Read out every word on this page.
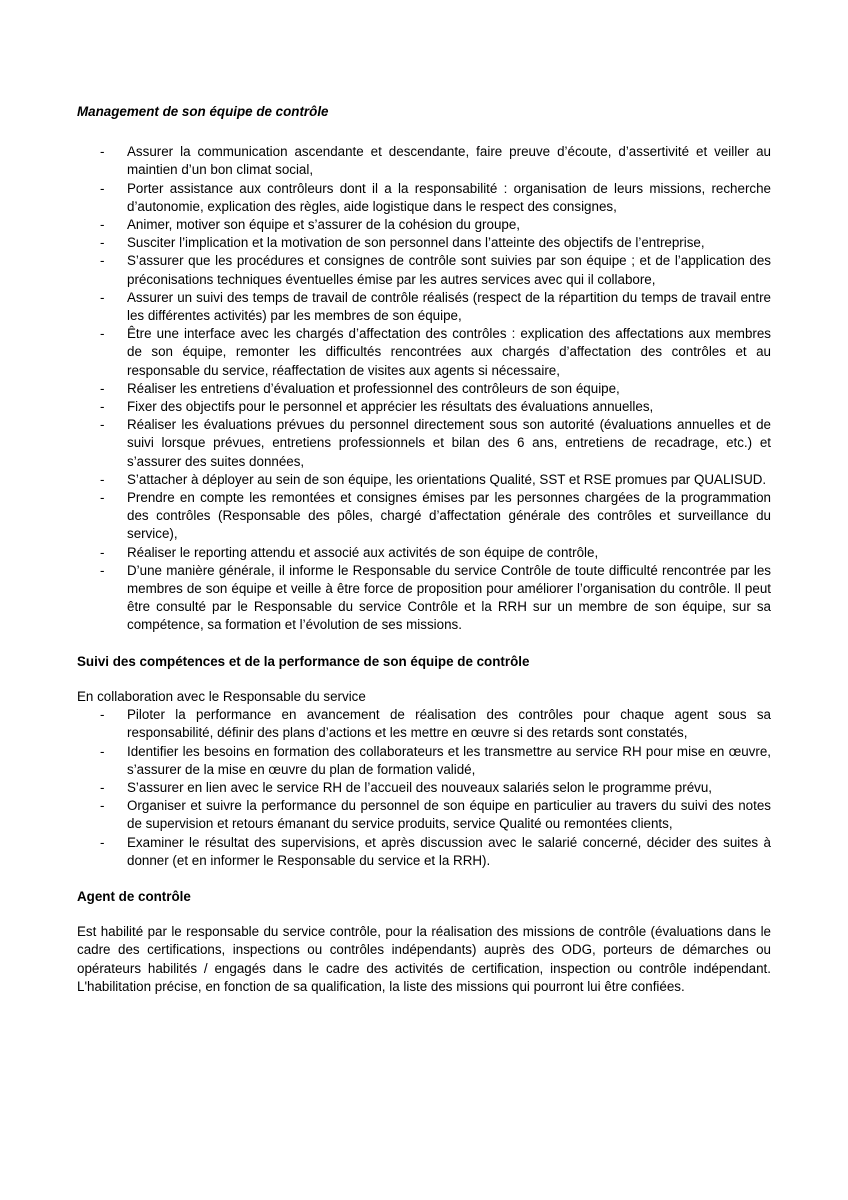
Management de son équipe de contrôle

- Assurer la communication ascendante et descendante, faire preuve d’écoute, d’assertivité et veiller au maintien d’un bon climat social,
- Porter assistance aux contrôleurs dont il a la responsabilité : organisation de leurs missions, recherche d’autonomie, explication des règles, aide logistique dans le respect des consignes,
- Animer, motiver son équipe et s’assurer de la cohésion du groupe,
- Susciter l’implication et la motivation de son personnel dans l’atteinte des objectifs de l’entreprise,
- S’assurer que les procédures et consignes de contrôle sont suivies par son équipe ; et de l’application des préconisations techniques éventuelles émise par les autres services avec qui il collabore,
- Assurer un suivi des temps de travail de contrôle réalisés (respect de la répartition du temps de travail entre les différentes activités) par les membres de son équipe,
- Être une interface avec les chargés d’affectation des contrôles : explication des affectations aux membres de son équipe, remonter les difficultés rencontrées aux chargés d’affectation des contrôles et au responsable du service, réaffectation de visites aux agents si nécessaire,
- Réaliser les entretiens d’évaluation et professionnel des contrôleurs de son équipe,
- Fixer des objectifs pour le personnel et apprécier les résultats des évaluations annuelles,
- Réaliser les évaluations prévues du personnel directement sous son autorité (évaluations annuelles et de suivi lorsque prévues, entretiens professionnels et bilan des 6 ans, entretiens de recadrage, etc.) et s’assurer des suites données,
- S’attacher à déployer au sein de son équipe, les orientations Qualité, SST et RSE promues par QUALISUD.
- Prendre en compte les remontées et consignes émises par les personnes chargées de la programmation des contrôles (Responsable des pôles, chargé d’affectation générale des contrôles et surveillance du service),
- Réaliser le reporting attendu et associé aux activités de son équipe de contrôle,
- D’une manière générale, il informe le Responsable du service Contrôle de toute difficulté rencontrée par les membres de son équipe et veille à être force de proposition pour améliorer l’organisation du contrôle. Il peut être consulté par le Responsable du service Contrôle et la RRH sur un membre de son équipe, sur sa compétence, sa formation et l’évolution de ses missions.

Suivi des compétences et de la performance de son équipe de contrôle

En collaboration avec le Responsable du service

- Piloter la performance en avancement de réalisation des contrôles pour chaque agent sous sa responsabilité, définir des plans d’actions et les mettre en œuvre si des retards sont constatés,
- Identifier les besoins en formation des collaborateurs et les transmettre au service RH pour mise en œuvre, s’assurer de la mise en œuvre du plan de formation validé,
- S’assurer en lien avec le service RH de l’accueil des nouveaux salariés selon le programme prévu,
- Organiser et suivre la performance du personnel de son équipe en particulier au travers du suivi des notes de supervision et retours émanant du service produits, service Qualité ou remontées clients,
- Examiner le résultat des supervisions, et après discussion avec le salarié concerné, décider des suites à donner (et en informer le Responsable du service et la RRH).

Agent de contrôle

Est habilité par le responsable du service contrôle, pour la réalisation des missions de contrôle (évaluations dans le cadre des certifications, inspections ou contrôles indépendants) auprès des ODG, porteurs de démarches ou opérateurs habilités / engagés dans le cadre des activités de certification, inspection ou contrôle indépendant. L'habilitation précise, en fonction de sa qualification, la liste des missions qui pourront lui être confiées.
